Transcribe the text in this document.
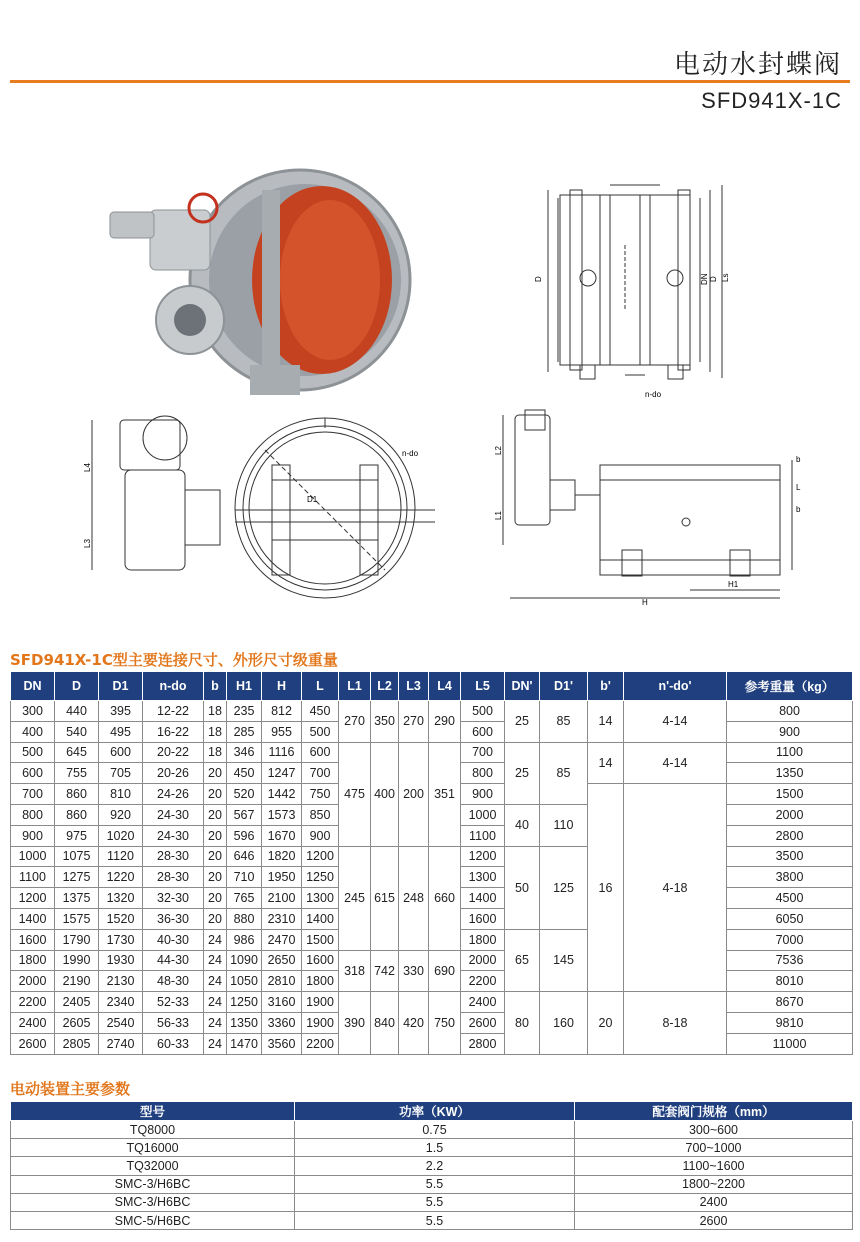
电动水封蝶阀
SFD941X-1C
D	DN D Ls
n-do
D1
n-do
L4
L3
L2
L1
b
L
b
H1
H
SFD941X-1C型主要连接尺寸、外形尺寸级重量
DN	D	D1	n-do	b	H1	H	L	L1	L2	L3	L4	L5	DN'	D1'	b'	n'-do'	参考重量（kg）
300	440	395	12-22	18	235	812	450	270	350	270	290	500	25	85	14	4-14	800
400	540	495	16-22	18	285	955	500					600					900
500	645	600	20-22	18	346	1116	600	475	400	200	351	700	25	85	14	4-14	1100
600	755	705	20-26	20	450	1247	700					800					1350
700	860	810	24-26	20	520	1442	750					900			16	4-18	1500
800	860	920	24-30	20	567	1573	850					1000	40	110			2000
900	975	1020	24-30	20	596	1670	900					1100					2800
1000	1075	1120	28-30	20	646	1820	1200	245	615	248	660	1200	50	125			3500
1100	1275	1220	28-30	20	710	1950	1250					1300					3800
1200	1375	1320	32-30	20	765	2100	1300					1400					4500
1400	1575	1520	36-30	20	880	2310	1400					1600					6050
1600	1790	1730	40-30	24	986	2470	1500					1800	65	145			7000
1800	1990	1930	44-30	24	1090	2650	1600	318	742	330	690	2000					7536
2000	2190	2130	48-30	24	1050	2810	1800					2200					8010
2200	2405	2340	52-33	24	1250	3160	1900	390	840	420	750	2400	80	160	20	8-18	8670
2400	2605	2540	56-33	24	1350	3360	1900					2600					9810
2600	2805	2740	60-33	24	1470	3560	2200					2800					11000
电动装置主要参数
型号	功率（KW）	配套阀门规格（mm）
TQ8000	0.75	300~600
TQ16000	1.5	700~1000
TQ32000	2.2	1100~1600
SMC-3/H6BC	5.5	1800~2200
SMC-3/H6BC	5.5	2400
SMC-5/H6BC	5.5	2600
